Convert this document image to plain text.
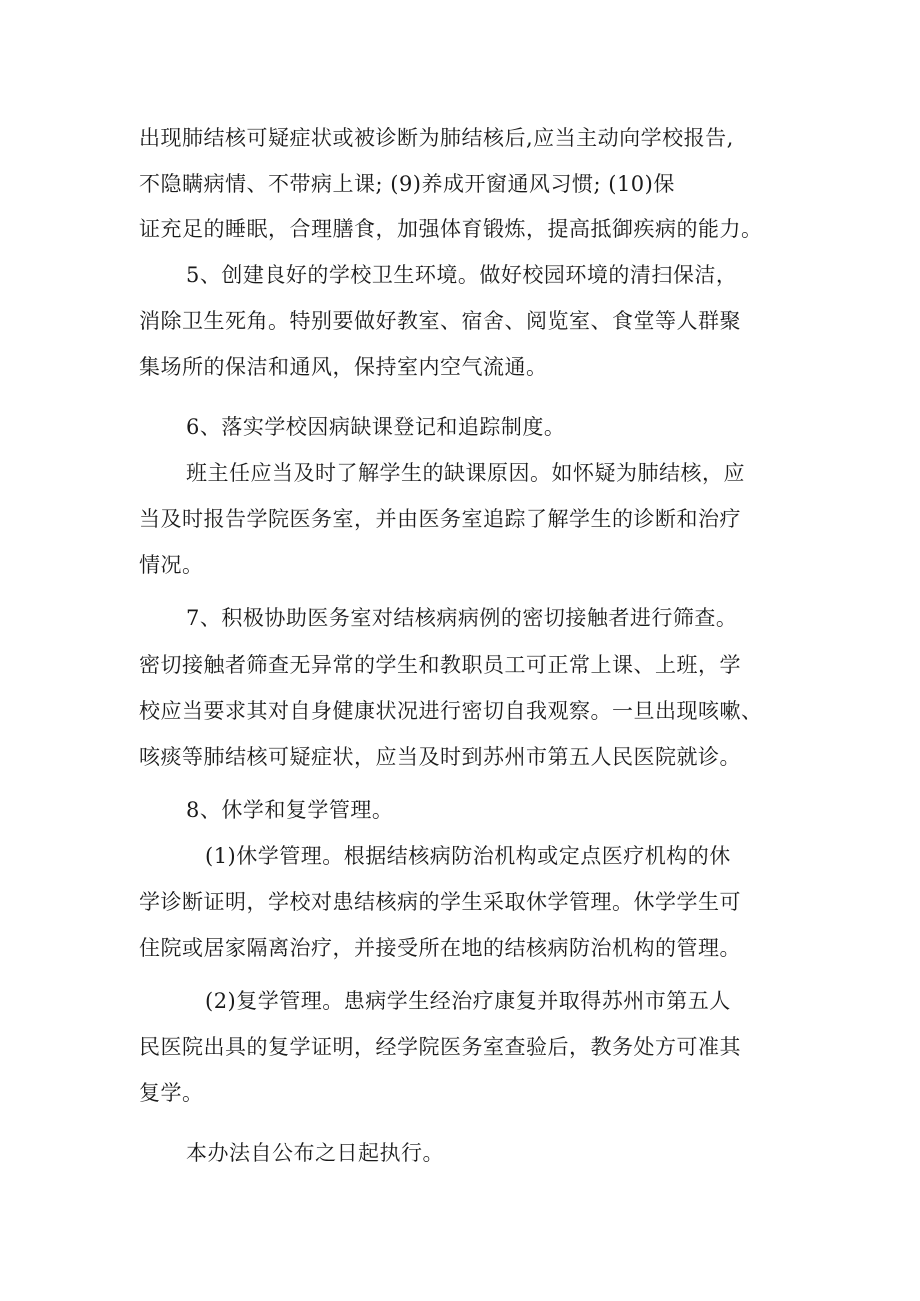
出现肺结核可疑症状或被诊断为肺结核后,应当主动向学校报告,
不隐瞒病情、不带病上课; (9)养成开窗通风习惯; (10)保
证充足的睡眠，合理膳食，加强体育锻炼，提高抵御疾病的能力。
5、创建良好的学校卫生环境。做好校园环境的清扫保洁，
消除卫生死角。特别要做好教室、宿舍、阅览室、食堂等人群聚
集场所的保洁和通风，保持室内空气流通。
6、落实学校因病缺课登记和追踪制度。
班主任应当及时了解学生的缺课原因。如怀疑为肺结核，应
当及时报告学院医务室，并由医务室追踪了解学生的诊断和治疗
情况。
7、积极协助医务室对结核病病例的密切接触者进行筛查。
密切接触者筛查无异常的学生和教职员工可正常上课、上班，学
校应当要求其对自身健康状况进行密切自我观察。一旦出现咳嗽、
咳痰等肺结核可疑症状，应当及时到苏州市第五人民医院就诊。
8、休学和复学管理。
(1)休学管理。根据结核病防治机构或定点医疗机构的休
学诊断证明，学校对患结核病的学生采取休学管理。休学学生可
住院或居家隔离治疗，并接受所在地的结核病防治机构的管理。
(2)复学管理。患病学生经治疗康复并取得苏州市第五人
民医院出具的复学证明，经学院医务室查验后，教务处方可准其
复学。
本办法自公布之日起执行。
